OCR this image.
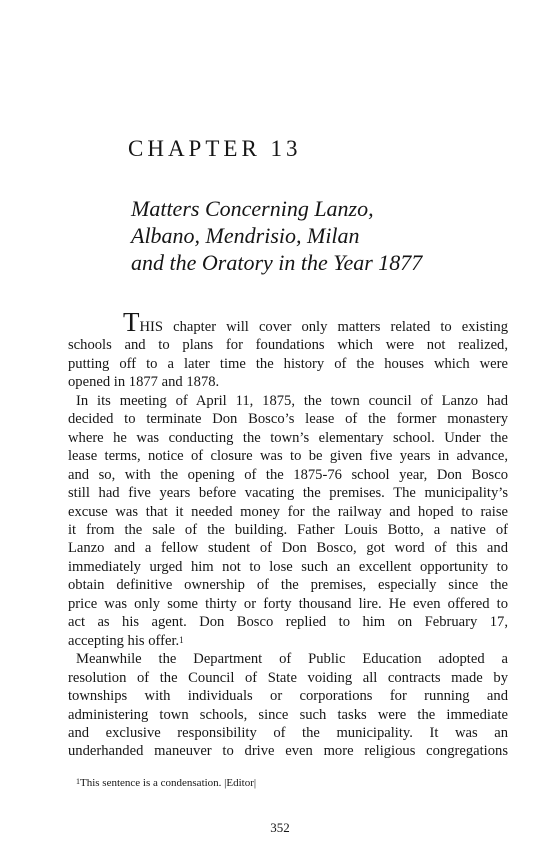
CHAPTER 13
Matters Concerning Lanzo,
Albano, Mendrisio, Milan
and the Oratory in the Year 1877

THIS chapter will cover only matters related to existing

schools and to plans for foundations which were not realized,

putting off to a later time the history of the houses which were

opened in 1877 and 1878.

In its meeting of April 11, 1875, the town council of Lanzo had

decided to terminate Don Bosco’s lease of the former monastery

where he was conducting the town’s elementary school. Under the

lease terms, notice of closure was to be given five years in advance,

and so, with the opening of the 1875-76 school year, Don Bosco

still had five years before vacating the premises. The municipality’s

excuse was that it needed money for the railway and hoped to raise

it from the sale of the building. Father Louis Botto, a native of

Lanzo and a fellow student of Don Bosco, got word of this and

immediately urged him not to lose such an excellent opportunity to

obtain definitive ownership of the premises, especially since the

price was only some thirty or forty thousand lire. He even offered to

act as his agent. Don Bosco replied to him on February 17,

accepting his offer.$^1$

Meanwhile the Department of Public Education adopted a

resolution of the Council of State voiding all contracts made by

townships with individuals or corporations for running and

administering town schools, since such tasks were the immediate

and exclusive responsibility of the municipality. It was an

underhanded maneuver to drive even more religious congregations

$^1$This sentence is a condensation. |Editor|

352
